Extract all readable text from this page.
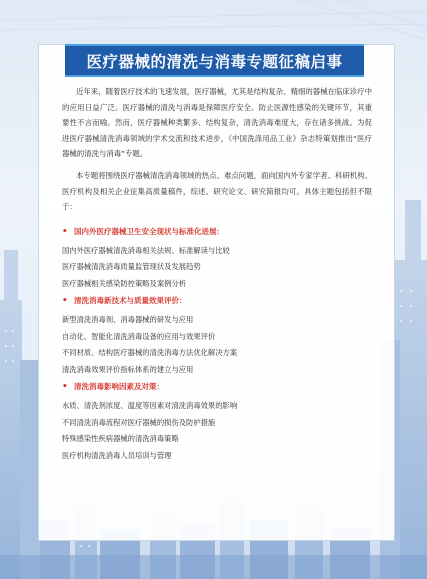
医疗器械的清洗与消毒专题征稿启事

近年来，随着医疗技术的飞速发展，医疗器械，尤其是结构复杂、精细的器械在临床诊疗中的应用日益广泛。医疗器械的清洗与消毒是保障医疗安全、防止医源性感染的关键环节，其重要性不言而喻。然而，医疗器械种类繁多、结构复杂，清洗消毒难度大，存在诸多挑战。为促进医疗器械清洗消毒领域的学术交流和技术进步，《中国洗涤用品工业》杂志特策划推出“医疗器械的清洗与消毒”专题。

本专题将围绕医疗器械清洗消毒领域的热点、难点问题，面向国内外专家学者、科研机构、医疗机构及相关企业征集高质量稿件，综述、研究论文、研究简报均可。具体主题包括但不限于：

• 国内外医疗器械卫生安全现状与标准化进展：
国内外医疗器械清洗消毒相关法规、标准解读与比较
医疗器械清洗消毒质量监管现状及发展趋势
医疗器械相关感染防控策略及案例分析
• 清洗消毒新技术与质量效果评价：
新型清洗消毒剂、消毒器械的研发与应用
自动化、智能化清洗消毒设备的应用与效果评价
不同材质、结构医疗器械的清洗消毒方法优化解决方案
清洗消毒效果评价指标体系的建立与应用
• 清洗消毒影响因素及对策：
水质、清洗剂浓度、温度等因素对清洗消毒效果的影响
不同清洗消毒流程对医疗器械的损伤及防护措施
特殊感染性疾病器械的清洗消毒策略
医疗机构清洗消毒人员培训与管理
